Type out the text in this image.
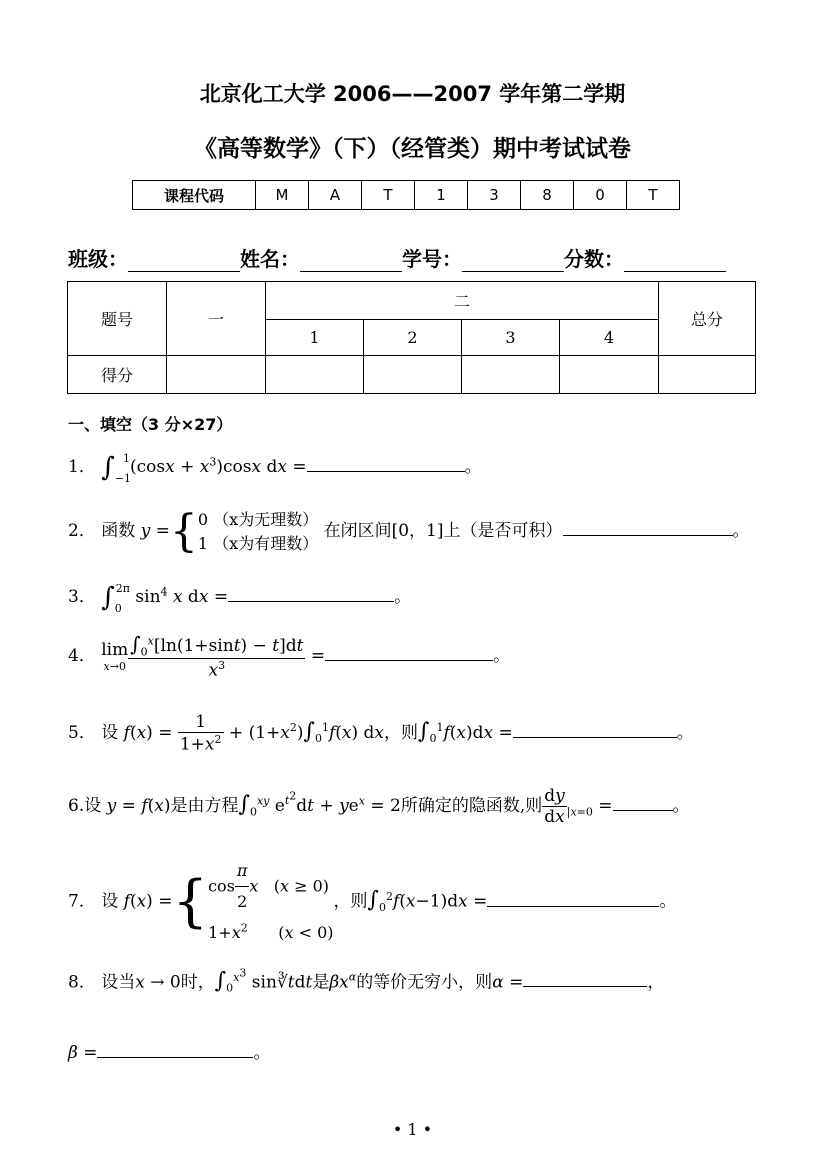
北京化工大学 2006——2007 学年第二学期
《高等数学》（下）（经管类）期中考试试卷
课程代码	M	A	T	1	3	8	0	T
班级：	姓名：	学号：	分数：
题号	一	二				总分
		1	2	3	4	
得分						
一、填空（3 分×27）
1． $\int_{-1}^1(\cos x + x^3)\cos x$ dx =	。
2． 函数 y ={ 0 （x为无理数）
1 （x为有理数）
在闭区间[0，1]上（是否可积）	。
3． $\int_0^{2\pi}$ $\sin^4 x$ dx =	。
4． lim
$x\to 0 \frac{\int_0^x[\ln(1+\sin t) - t]dt}{x^3}$ =	。
5． 设 $f(x) = \frac{1}{1+x^2} + (1+x^2)\int_0^1f(x)$ dx，则$\int_0^1f(x)dx$ =	。
6.设 y = f(x)是由方程$\int_0^{xy}$ $e^{t^2}dt + ye^x = 2$所确定的隐函数,则 $\frac{dy}{dx} _{|x=0}$ =	。
7． 设 f(x) ={ $\cos \frac{\pi}{2}$ x   (x ≥ 0)
$1+x^2$      (x < 0)
，则$\int_0^2f(x-1)dx$ =	。
8． 设当x → 0时，$\int_0^{x^3}$ sin∛tdt是$\beta x^\alpha$的等价无穷小，则α =	，
β =	。
• 1 •
